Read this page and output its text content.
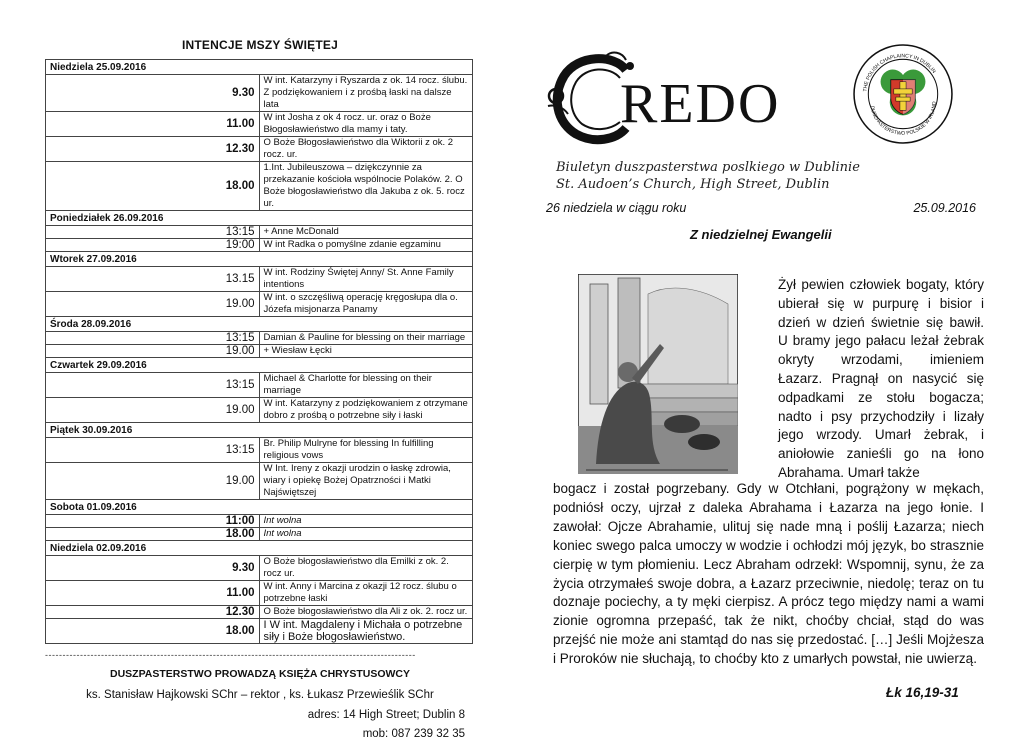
INTENCJE MSZY ŚWIĘTEJ
Niedziela 25.09.2016	
9.30	W int. Katarzyny i Ryszarda z ok. 14 rocz. ślubu. Z podziękowaniem i z prośbą łaski na dalsze lata
11.00	W int Josha z ok 4 rocz. ur. oraz o Boże Błogosławieństwo dla mamy i taty.
12.30	O Boże Błogosławieństwo dla Wiktorii z ok. 2 rocz. ur.
18.00	1.Int. Jubileuszowa – dziękczynnie za przekazanie kościoła wspólnocie Polaków. 2. O Boże błogosławieństwo dla Jakuba z ok. 5. rocz ur.
Poniedziałek 26.09.2016	
13:15	+ Anne McDonald
19:00	W int Radka o pomyślne zdanie egzaminu
Wtorek 27.09.2016	
13.15	W int. Rodziny Świętej Anny/ St. Anne Family intentions
19.00	W int. o szczęśliwą operację kręgosłupa dla o. Józefa misjonarza Panamy
Środa 28.09.2016	
13:15	Damian & Pauline for blessing on their marriage
19.00	+ Wiesław Łęcki
Czwartek 29.09.2016	
13:15	Michael & Charlotte for blessing on their marriage
19.00	W int. Katarzyny z podziękowaniem z otrzymane dobro z prośbą o potrzebne siły i łaski
Piątek 30.09.2016	
13:15	Br. Philip Mulryne for blessing In fulfilling religious vows
19.00	W Int. Ireny z okazji urodzin o łaskę zdrowia, wiary i opiekę Bożej Opatrzności i Matki Najświętszej
Sobota 01.09.2016	
11:00	Int wolna
18.00	Int wolna
Niedziela 02.09.2016	
9.30	O Boże błogosławieństwo dla Emilki z ok. 2. rocz ur.
11.00	W int. Anny i Marcina z okazji 12 rocz. ślubu o potrzebne łaski
12.30	O Boże błogosławieństwo dla Ali z ok. 2. rocz ur.
18.00	I W int. Magdaleny i Michała o potrzebne siły i Boże błogosławieństwo.
----------------------------------------------------------------------------------------------------------
DUSZPASTERSTWO PROWADZĄ KSIĘŻA CHRYSTUSOWCY
ks. Stanisław Hajkowski SChr – rektor , ks. Łukasz Przewieślik SChr
adres: 14 High Street; Dublin 8
mob: 087 239 32 35
REDO	THE POLISH CHAPLAINCY IN DUBLIN
DUSZPASTERSTWO POLSKIE W IRLAND
Biuletyn duszpasterstwa poslkiego w Dublinie
St. Audoen’s Church, High Street, Dublin
26 niedziela w ciągu roku	25.09.2016
Z niedzielnej Ewangelii
Żył pewien człowiek bogaty, który ubierał się w purpurę i bisior i dzień w dzień świetnie się bawił. U bramy jego pałacu leżał żebrak okryty wrzodami, imieniem Łazarz. Pragnął on nasycić się odpadkami ze stołu bogacza; nadto i psy przychodziły i lizały jego wrzody. Umarł żebrak, i aniołowie zanieśli go na łono Abrahama. Umarł także
bogacz i został pogrzebany. Gdy w Otchłani, pogrążony w mękach, podniósł oczy, ujrzał z daleka Abrahama i Łazarza na jego łonie. I zawołał: Ojcze Abrahamie, ulituj się nade mną i poślij Łazarza; niech koniec swego palca umoczy w wodzie i ochłodzi mój język, bo strasznie cierpię w tym płomieniu. Lecz Abraham odrzekł: Wspomnij, synu, że za życia otrzymałeś swoje dobra, a Łazarz przeciwnie, niedolę; teraz on tu doznaje pociechy, a ty męki cierpisz. A prócz tego między nami a wami zionie ogromna przepaść, tak że nikt, choćby chciał, stąd do was przejść nie może ani stamtąd do nas się przedostać. […] Jeśli Mojżesza i Proroków nie słuchają, to choćby kto z umarłych powstał, nie uwierzą.
Łk 16,19-31
